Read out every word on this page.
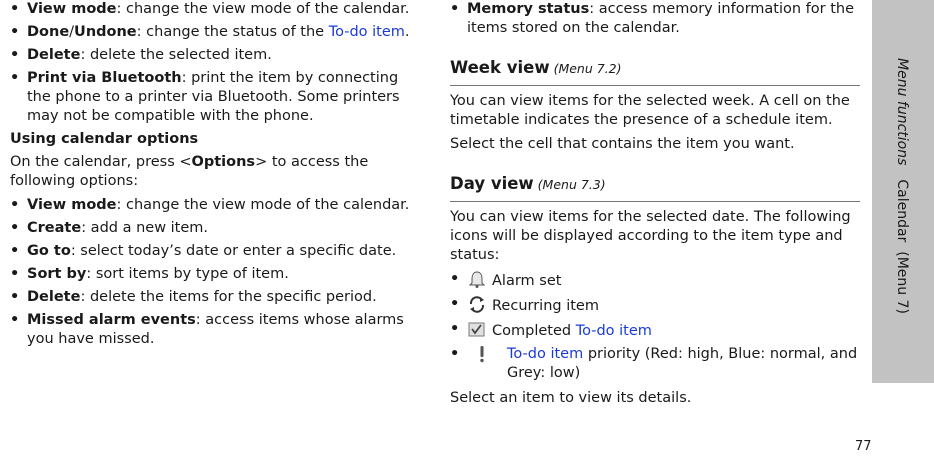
• View mode: change the view mode of the calendar.
• Done/Undone: change the status of the To-do item.
• Delete: delete the selected item.
• Print via Bluetooth: print the item by connecting the phone to a printer via Bluetooth. Some printers may not be compatible with the phone.
Using calendar options

On the calendar, press <Options> to access the following options:

• View mode: change the view mode of the calendar.
• Create: add a new item.
• Go to: select today’s date or enter a specific date.
• Sort by: sort items by type of item.
• Delete: delete the items for the specific period.
• Missed alarm events: access items whose alarms you have missed.
• Memory status: access memory information for the items stored on the calendar.
Week view (Menu 7.2)

You can view items for the selected week. A cell on the timetable indicates the presence of a schedule item.

Select the cell that contains the item you want.

Day view (Menu 7.3)

You can view items for the selected date. The following icons will be displayed according to the item type and status:

• Alarm set
• Recurring item
• Completed To-do item
•	To-do item priority (Red: high, Blue: normal, and Grey: low)

Select an item to view its details.

Menu functionsCalendar  (Menu 7)
77
